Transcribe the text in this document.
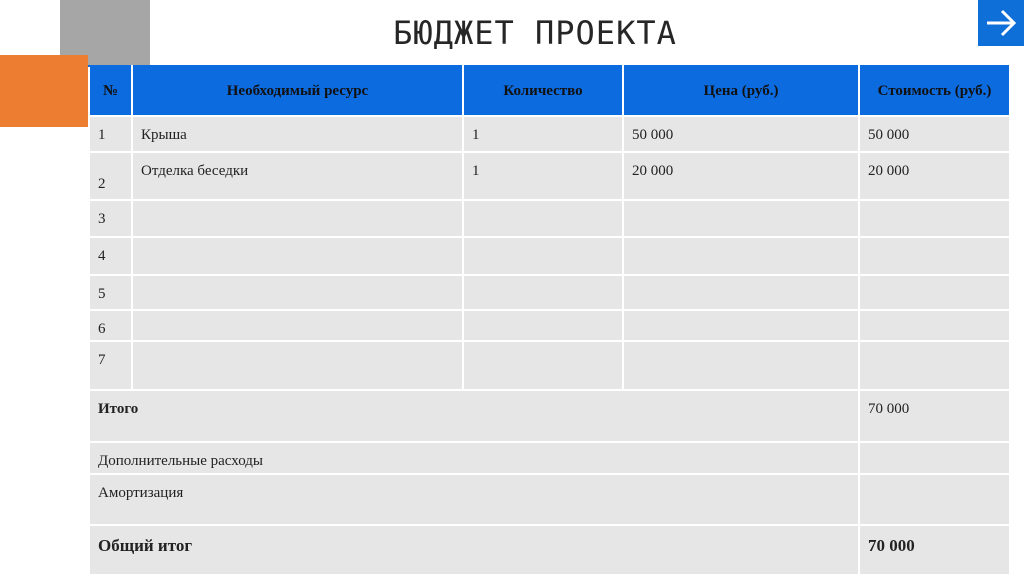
БЮДЖЕТ ПРОЕКТА
№	Необходимый ресурс	Количество	Цена (руб.)	Стоимость (руб.)
1	Крыша	1	50 000	50 000
2	Отделка беседки	1	20 000	20 000
3				
4				
5				
6				
7				
Итого				70 000
Дополнительные расходы				
Амортизация				
Общий итог				70 000
